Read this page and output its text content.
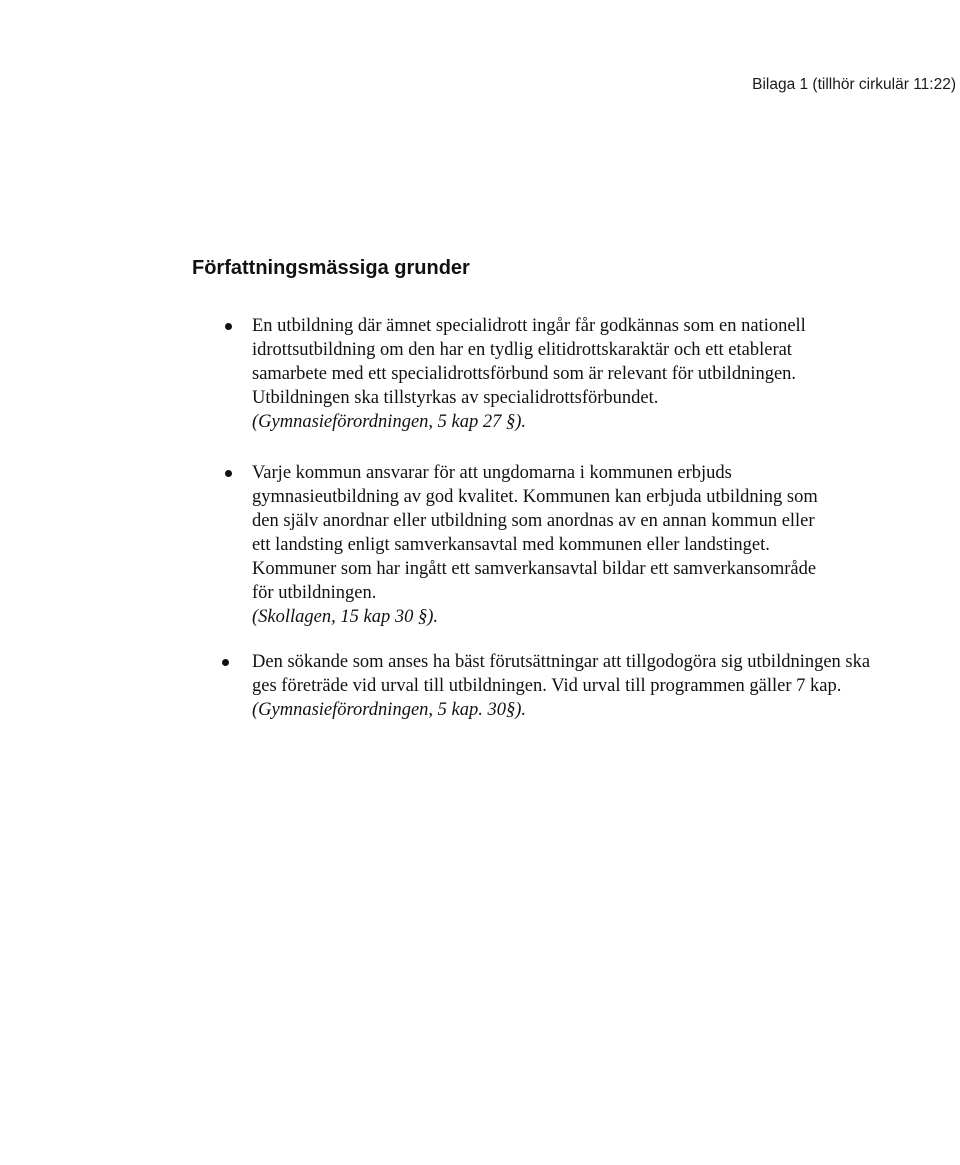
Bilaga 1 (tillhör cirkulär 11:22)
Författningsmässiga grunder
En utbildning där ämnet specialidrott ingår får godkännas som en nationell
idrottsutbildning om den har en tydlig elitidrottskaraktär och ett etablerat
samarbete med ett specialidrottsförbund som är relevant för utbildningen.
Utbildningen ska tillstyrkas av specialidrottsförbundet.
(Gymnasieförordningen, 5 kap 27 §).
Varje kommun ansvarar för att ungdomarna i kommunen erbjuds
gymnasieutbildning av god kvalitet. Kommunen kan erbjuda utbildning som
den själv anordnar eller utbildning som anordnas av en annan kommun eller
ett landsting enligt samverkansavtal med kommunen eller landstinget.
Kommuner som har ingått ett samverkansavtal bildar ett samverkansområde
för utbildningen.
(Skollagen, 15 kap 30 §).
Den sökande som anses ha bäst förutsättningar att tillgodogöra sig utbildningen ska
ges företräde vid urval till utbildningen. Vid urval till programmen gäller 7 kap.
(Gymnasieförordningen, 5 kap. 30§).
